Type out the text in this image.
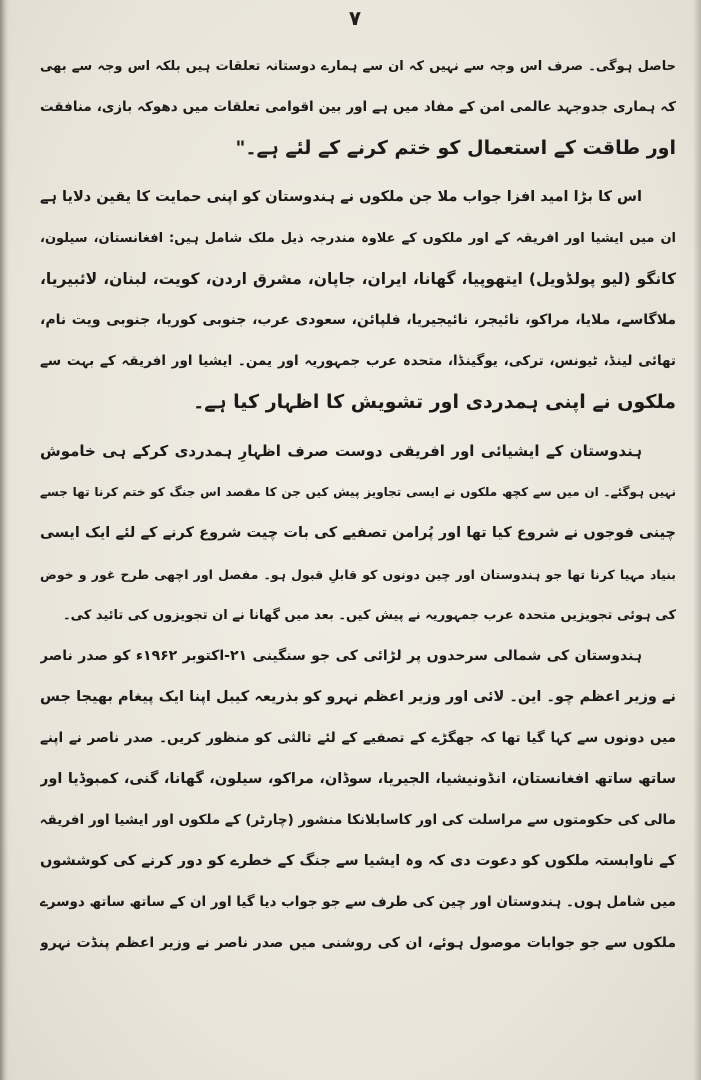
۷
حاصل ہوگی۔ صرف اس وجہ سے نہیں کہ ان سے ہمارے دوستانہ تعلقات ہیں بلکہ اس وجہ سے بھی
کہ ہماری جدوجہد عالمی امن کے مفاد میں ہے اور بین اقوامی تعلقات میں دھوکہ بازی، منافقت
اور طاقت کے استعمال کو ختم کرنے کے لئے ہے۔"
اس کا بڑا امید افزا جواب ملا جن ملکوں نے ہندوستان کو اپنی حمایت کا یقین دلایا ہے
ان میں ایشیا اور افریقہ کے اور ملکوں کے علاوہ مندرجہ ذیل ملک شامل ہیں: افغانستان، سیلون،
کانگو (لیو پولڈویل) ایتھوپیا، گھانا، ایران، جاپان، مشرق اردن، کویت، لبنان، لائبیریا،
ملاگاسے، ملایا، مراکو، نائیجر، نائیجیریا، فلپائن، سعودی عرب، جنوبی کوریا، جنوبی ویت نام،
تھائی لینڈ، ٹیونس، ترکی، یوگینڈا، متحدہ عرب جمہوریہ اور یمن۔ ایشیا اور افریقہ کے بہت سے
ملکوں نے اپنی ہمدردی اور تشویش کا اظہار کیا ہے۔
ہندوستان کے ایشیائی اور افریقی دوست صرف اظہارِ ہمدردی کرکے ہی خاموش
نہیں ہوگئے۔ ان میں سے کچھ ملکوں نے ایسی تجاویز پیش کیں جن کا مقصد اس جنگ کو ختم کرنا تھا جسے
چینی فوجوں نے شروع کیا تھا اور پُرامن تصفیے کی بات چیت شروع کرنے کے لئے ایک ایسی
بنیاد مہیا کرنا تھا جو ہندوستان اور چین دونوں کو قابلِ قبول ہو۔ مفصل اور اچھی طرح غور و خوض
کی ہوئی تجویزیں متحدہ عرب جمہوریہ نے پیش کیں۔ بعد میں گھانا نے ان تجویزوں کی تائید کی۔
ہندوستان کی شمالی سرحدوں پر لڑائی کی جو سنگینی ۲۱-اکتوبر ۱۹۶۲ء کو صدر ناصر
نے وزیر اعظم چو۔ این۔ لائی اور وزیر اعظم نہرو کو بذریعہ کیبل اپنا ایک پیغام بھیجا جس
میں دونوں سے کہا گیا تھا کہ جھگڑے کے تصفیے کے لئے ثالثی کو منظور کریں۔ صدر ناصر نے اپنے
ساتھ ساتھ افغانستان، انڈونیشیا، الجیریا، سوڈان، مراکو، سیلون، گھانا، گنی، کمبوڈیا اور
مالی کی حکومتوں سے مراسلت کی اور کاسابلانکا منشور (چارٹر) کے ملکوں اور ایشیا اور افریقہ
کے ناوابستہ ملکوں کو دعوت دی کہ وہ ایشیا سے جنگ کے خطرے کو دور کرنے کی کوششوں
میں شامل ہوں۔ ہندوستان اور چین کی طرف سے جو جواب دیا گیا اور ان کے ساتھ ساتھ دوسرے
ملکوں سے جو جوابات موصول ہوئے، ان کی روشنی میں صدر ناصر نے وزیر اعظم پنڈت نہرو
